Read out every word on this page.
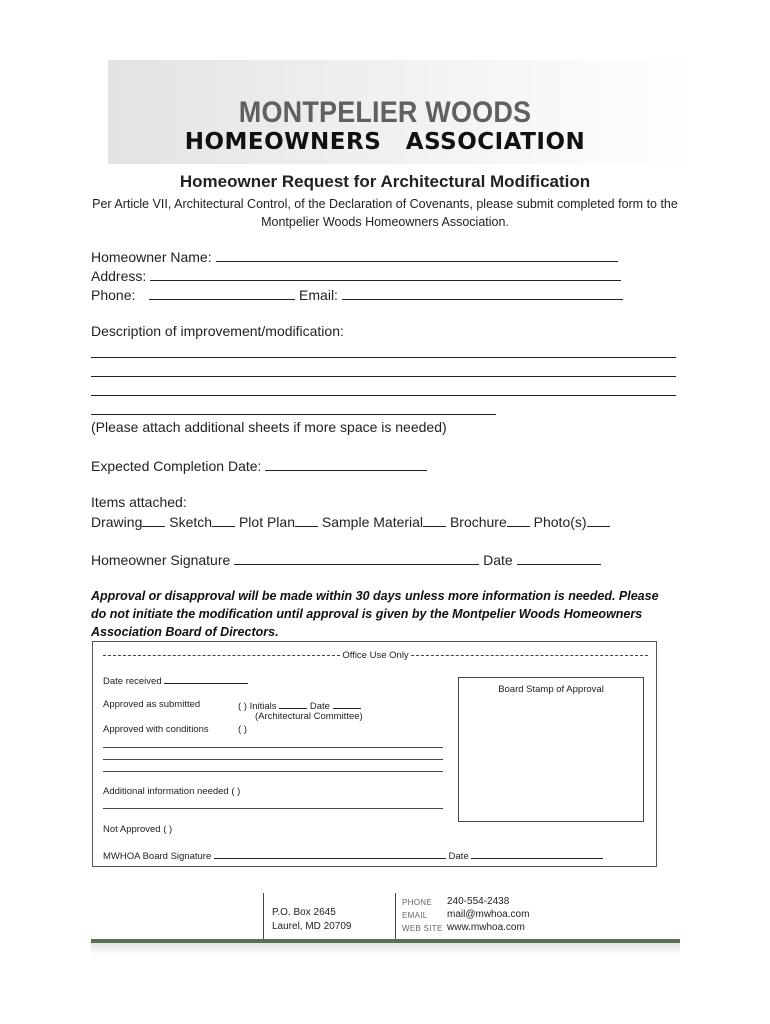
MONTPELIER WOODS
HOMEOWNERS ASSOCIATION
Homeowner Request for Architectural Modification
Per Article VII, Architectural Control, of the Declaration of Covenants, please submit completed form to the Montpelier Woods Homeowners Association.
Homeowner Name:
Address:
Phone:	Email:
Description of improvement/modification:
(Please attach additional sheets if more space is needed)
Expected Completion Date:
Items attached:
Drawing Sketch Plot Plan Sample Material Brochure Photo(s)
Homeowner Signature	Date
Approval or disapproval will be made within 30 days unless more information is needed. Please do not initiate the modification until approval is given by the Montpelier Woods Homeowners Association Board of Directors.
Office Use Only
Date received
Approved as submitted	( ) Initials	Date
(Architectural Committee)
Approved with conditions	( )
Additional information needed ( )
Not Approved ( )
MWHOA Board Signature	Date
Board Stamp of Approval
P.O. Box 2645
Laurel, MD 20709
PHONE 240-554-2438
EMAIL mail@mwhoa.com
WEB SITE www.mwhoa.com
